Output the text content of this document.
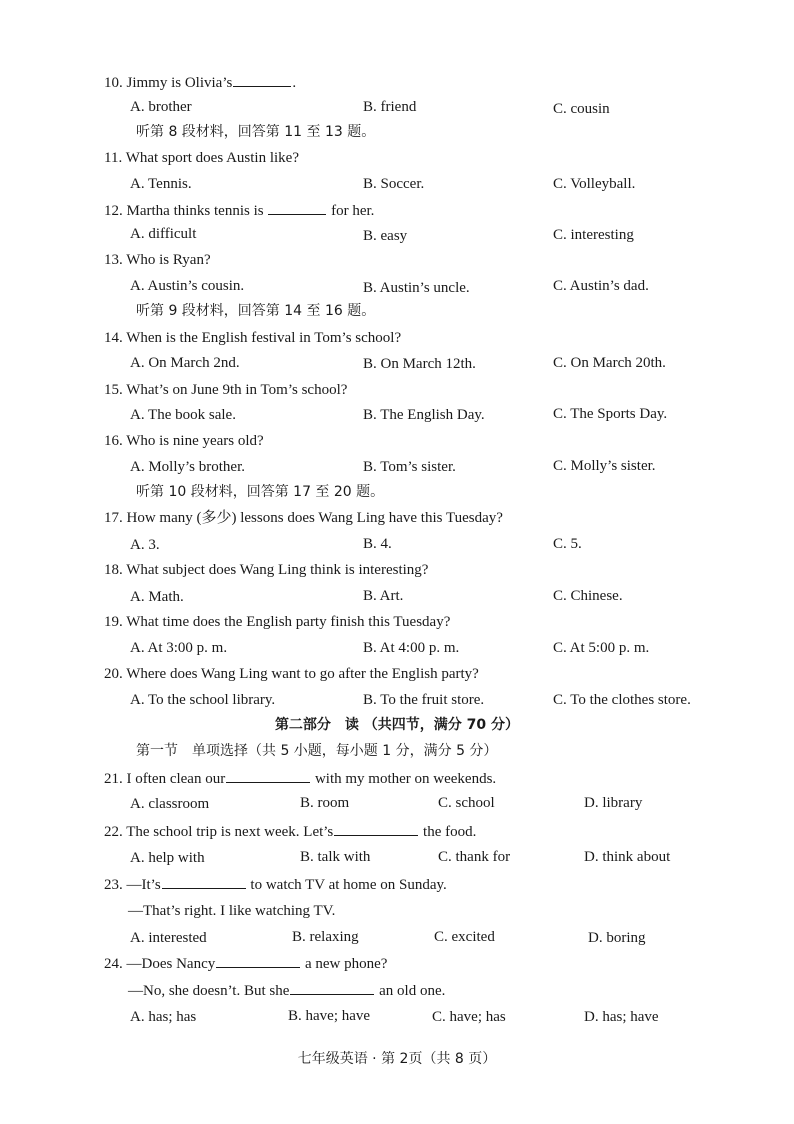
10. Jimmy is Olivia’s	.
A. brother	B. friend	C. cousin
听第 8 段材料，回答第 11 至 13 题。
11. What sport does Austin like?
A. Tennis.	B. Soccer.	C. Volleyball.
12. Martha thinks tennis is	for her.
A. difficult	B. easy	C. interesting
13. Who is Ryan?
A. Austin’s cousin.	B. Austin’s uncle.	C. Austin’s dad.
听第 9 段材料，回答第 14 至 16 题。
14. When is the English festival in Tom’s school?
A. On March 2nd.	B. On March 12th.	C. On March 20th.
15. What’s on June 9th in Tom’s school?
A. The book sale.	B. The English Day.	C. The Sports Day.
16. Who is nine years old?
A. Molly’s brother.	B. Tom’s sister.	C. Molly’s sister.
听第 10 段材料，回答第 17 至 20 题。
17. How many (多少) lessons does Wang Ling have this Tuesday?
A. 3.	B. 4.	C. 5.
18. What subject does Wang Ling think is interesting?
A. Math.	B. Art.	C. Chinese.
19. What time does the English party finish this Tuesday?
A. At 3:00 p. m.	B. At 4:00 p. m.	C. At 5:00 p. m.
20. Where does Wang Ling want to go after the English party?
A. To the school library.	B. To the fruit store.	C. To the clothes store.
第二部分　读 （共四节，满分 70 分）
第一节　单项选择（共 5 小题，每小题 1 分，满分 5 分）
21. I often clean our	with my mother on weekends.
A. classroom	B. room	C. school	D. library
22. The school trip is next week. Let’s	the food.
A. help with	B. talk with	C. thank for	D. think about
23. —It’s	to watch TV at home on Sunday.
—That’s right. I like watching TV.
A. interested	B. relaxing	C. excited	D. boring
24. —Does Nancy	a new phone?
—No, she doesn’t. But she	an old one.
A. has; has	B. have; have	C. have; has	D. has; have
七年级英语 · 第 2页（共 8 页）
